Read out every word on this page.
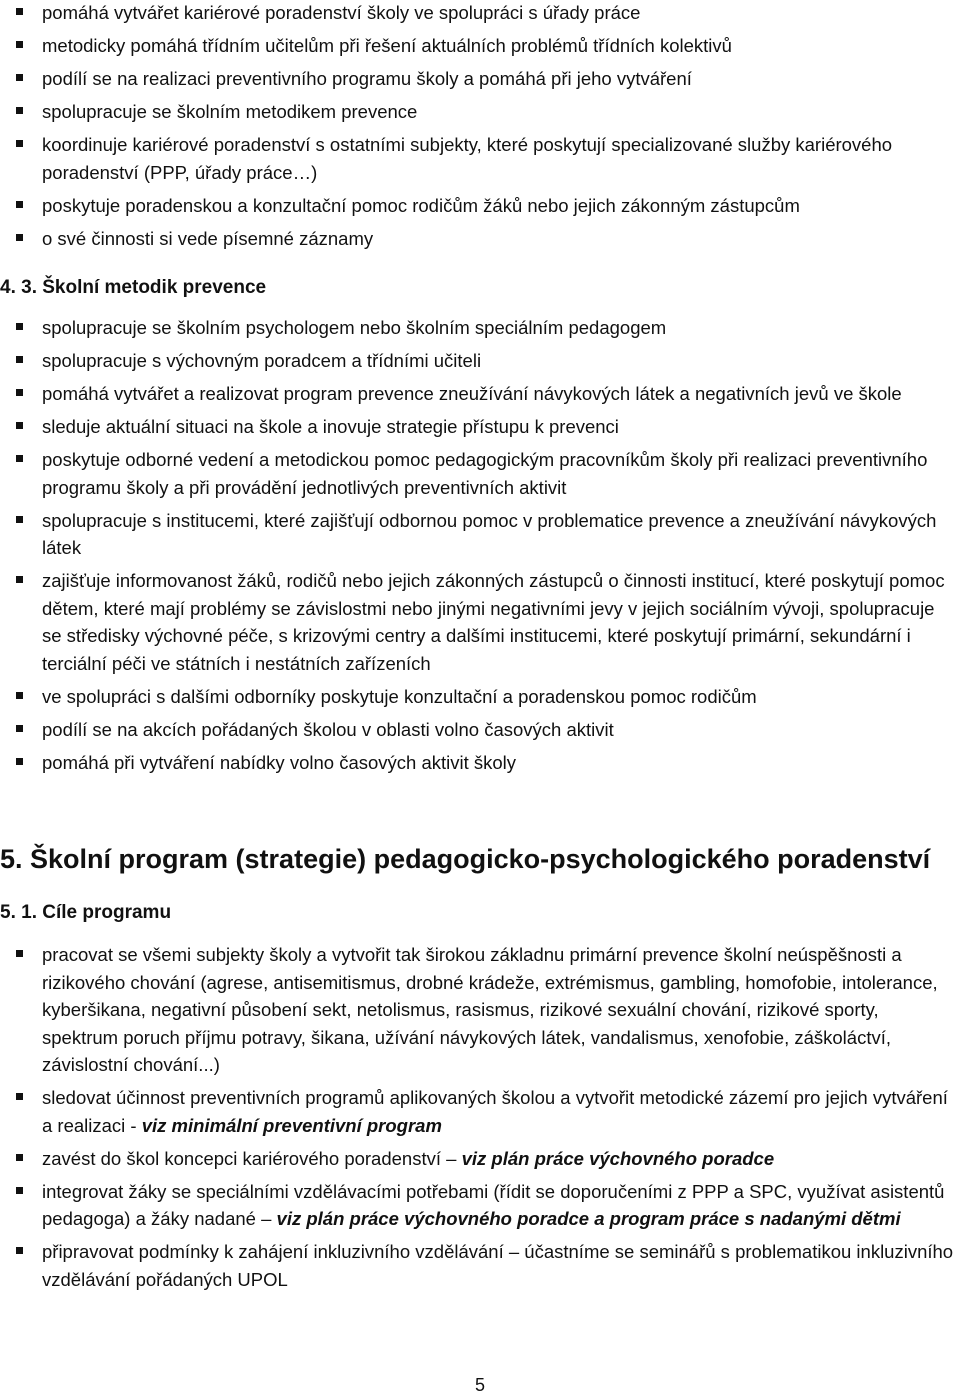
pomáhá vytvářet kariérové poradenství školy ve spolupráci s úřady práce
metodicky pomáhá třídním učitelům při řešení aktuálních problémů třídních kolektivů
podílí se na realizaci preventivního programu školy a pomáhá při jeho vytváření
spolupracuje se školním metodikem prevence
koordinuje kariérové poradenství s ostatními subjekty, které poskytují specializované služby kariérového poradenství (PPP, úřady práce…)
poskytuje poradenskou a konzultační pomoc rodičům žáků nebo jejich zákonným zástupcům
o své činnosti si vede písemné záznamy
4. 3. Školní metodik prevence
spolupracuje se školním psychologem nebo školním speciálním pedagogem
spolupracuje s výchovným poradcem a třídními učiteli
pomáhá vytvářet a realizovat program prevence zneužívání návykových látek a negativních jevů ve škole
sleduje aktuální situaci na škole a inovuje strategie přístupu k prevenci
poskytuje odborné vedení a metodickou pomoc pedagogickým pracovníkům školy při realizaci preventivního programu školy a při provádění jednotlivých preventivních aktivit
spolupracuje s institucemi, které zajišťují odbornou pomoc v problematice prevence a zneužívání návykových látek
zajišťuje informovanost žáků, rodičů nebo jejich zákonných zástupců o činnosti institucí, které poskytují pomoc dětem, které mají problémy se závislostmi nebo jinými negativními jevy v jejich sociálním vývoji, spolupracuje se středisky výchovné péče, s krizovými centry a dalšími institucemi, které poskytují primární, sekundární i terciální péči ve státních i nestátních zařízeních
ve spolupráci s dalšími odborníky poskytuje konzultační a poradenskou pomoc rodičům
podílí se na akcích pořádaných školou v oblasti volno časových aktivit
pomáhá při vytváření nabídky volno časových aktivit školy
5. Školní program (strategie) pedagogicko-psychologického poradenství
5. 1. Cíle programu
pracovat se všemi subjekty školy a vytvořit tak širokou základnu primární prevence školní neúspěšnosti a rizikového chování (agrese, antisemitismus, drobné krádeže, extrémismus, gambling, homofobie, intolerance, kyberšikana, negativní působení sekt, netolismus, rasismus, rizikové sexuální chování, rizikové sporty, spektrum poruch příjmu potravy, šikana, užívání návykových látek, vandalismus, xenofobie, záškoláctví, závislostní chování...)
sledovat účinnost preventivních programů aplikovaných školou a vytvořit metodické zázemí pro jejich vytváření a realizaci - viz minimální preventivní program
zavést do škol koncepci kariérového poradenství – viz plán práce výchovného poradce
integrovat žáky se speciálními vzdělávacími potřebami (řídit se doporučeními z PPP a SPC, využívat asistentů pedagoga) a žáky nadané – viz plán práce výchovného poradce a program práce s nadanými dětmi
připravovat podmínky k zahájení inkluzivního vzdělávání – účastníme se seminářů s problematikou inkluzivního vzdělávání pořádaných UPOL
5
